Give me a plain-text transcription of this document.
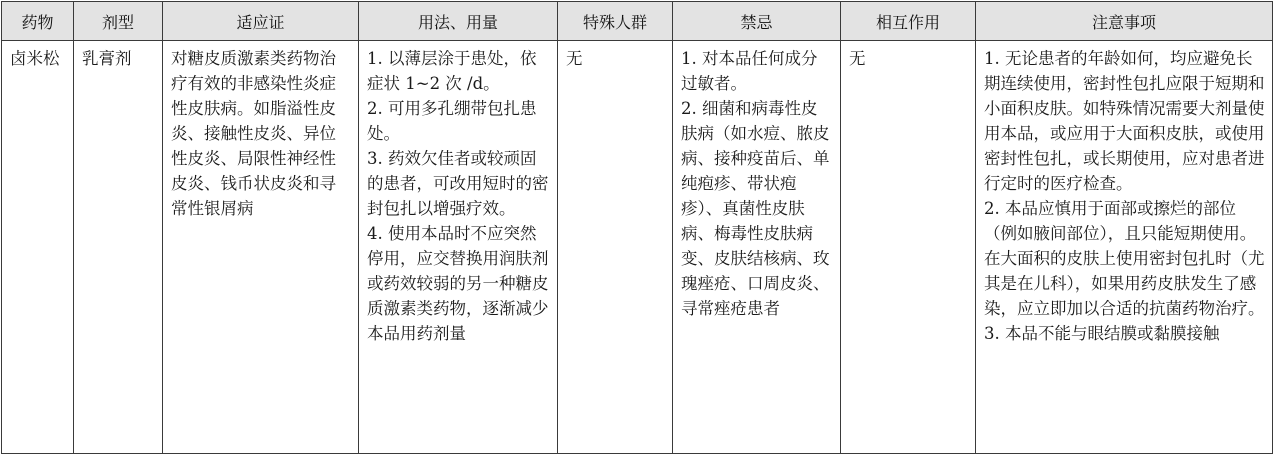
药物	剂型	适应证	用法、用量	特殊人群	禁忌	相互作用	注意事项
卤米松	乳膏剂	对糖皮质激素类药物治疗有效的非感染性炎症性皮肤病。如脂溢性皮炎、接触性皮炎、异位性皮炎、局限性神经性皮炎、钱币状皮炎和寻常性银屑病	1. 以薄层涂于患处，依症状 1~2 次 /d。
2. 可用多孔绷带包扎患处。
3. 药效欠佳者或较顽固的患者，可改用短时的密封包扎以增强疗效。
4. 使用本品时不应突然停用，应交替换用润肤剂或药效较弱的另一种糖皮质激素类药物，逐渐减少本品用药剂量	无	1. 对本品任何成分过敏者。
2. 细菌和病毒性皮肤病（如水痘、脓皮病、接种疫苗后、单纯疱疹、带状疱疹）、真菌性皮肤病、梅毒性皮肤病变、皮肤结核病、玫瑰痤疮、口周皮炎、寻常痤疮患者	无	1. 无论患者的年龄如何，均应避免长期连续使用，密封性包扎应限于短期和小面积皮肤。如特殊情况需要大剂量使用本品，或应用于大面积皮肤，或使用密封性包扎，或长期使用，应对患者进行定时的医疗检查。
2. 本品应慎用于面部或擦烂的部位（例如腋间部位），且只能短期使用。在大面积的皮肤上使用密封包扎时（尤其是在儿科），如果用药皮肤发生了感染，应立即加以合适的抗菌药物治疗。
3. 本品不能与眼结膜或黏膜接触
